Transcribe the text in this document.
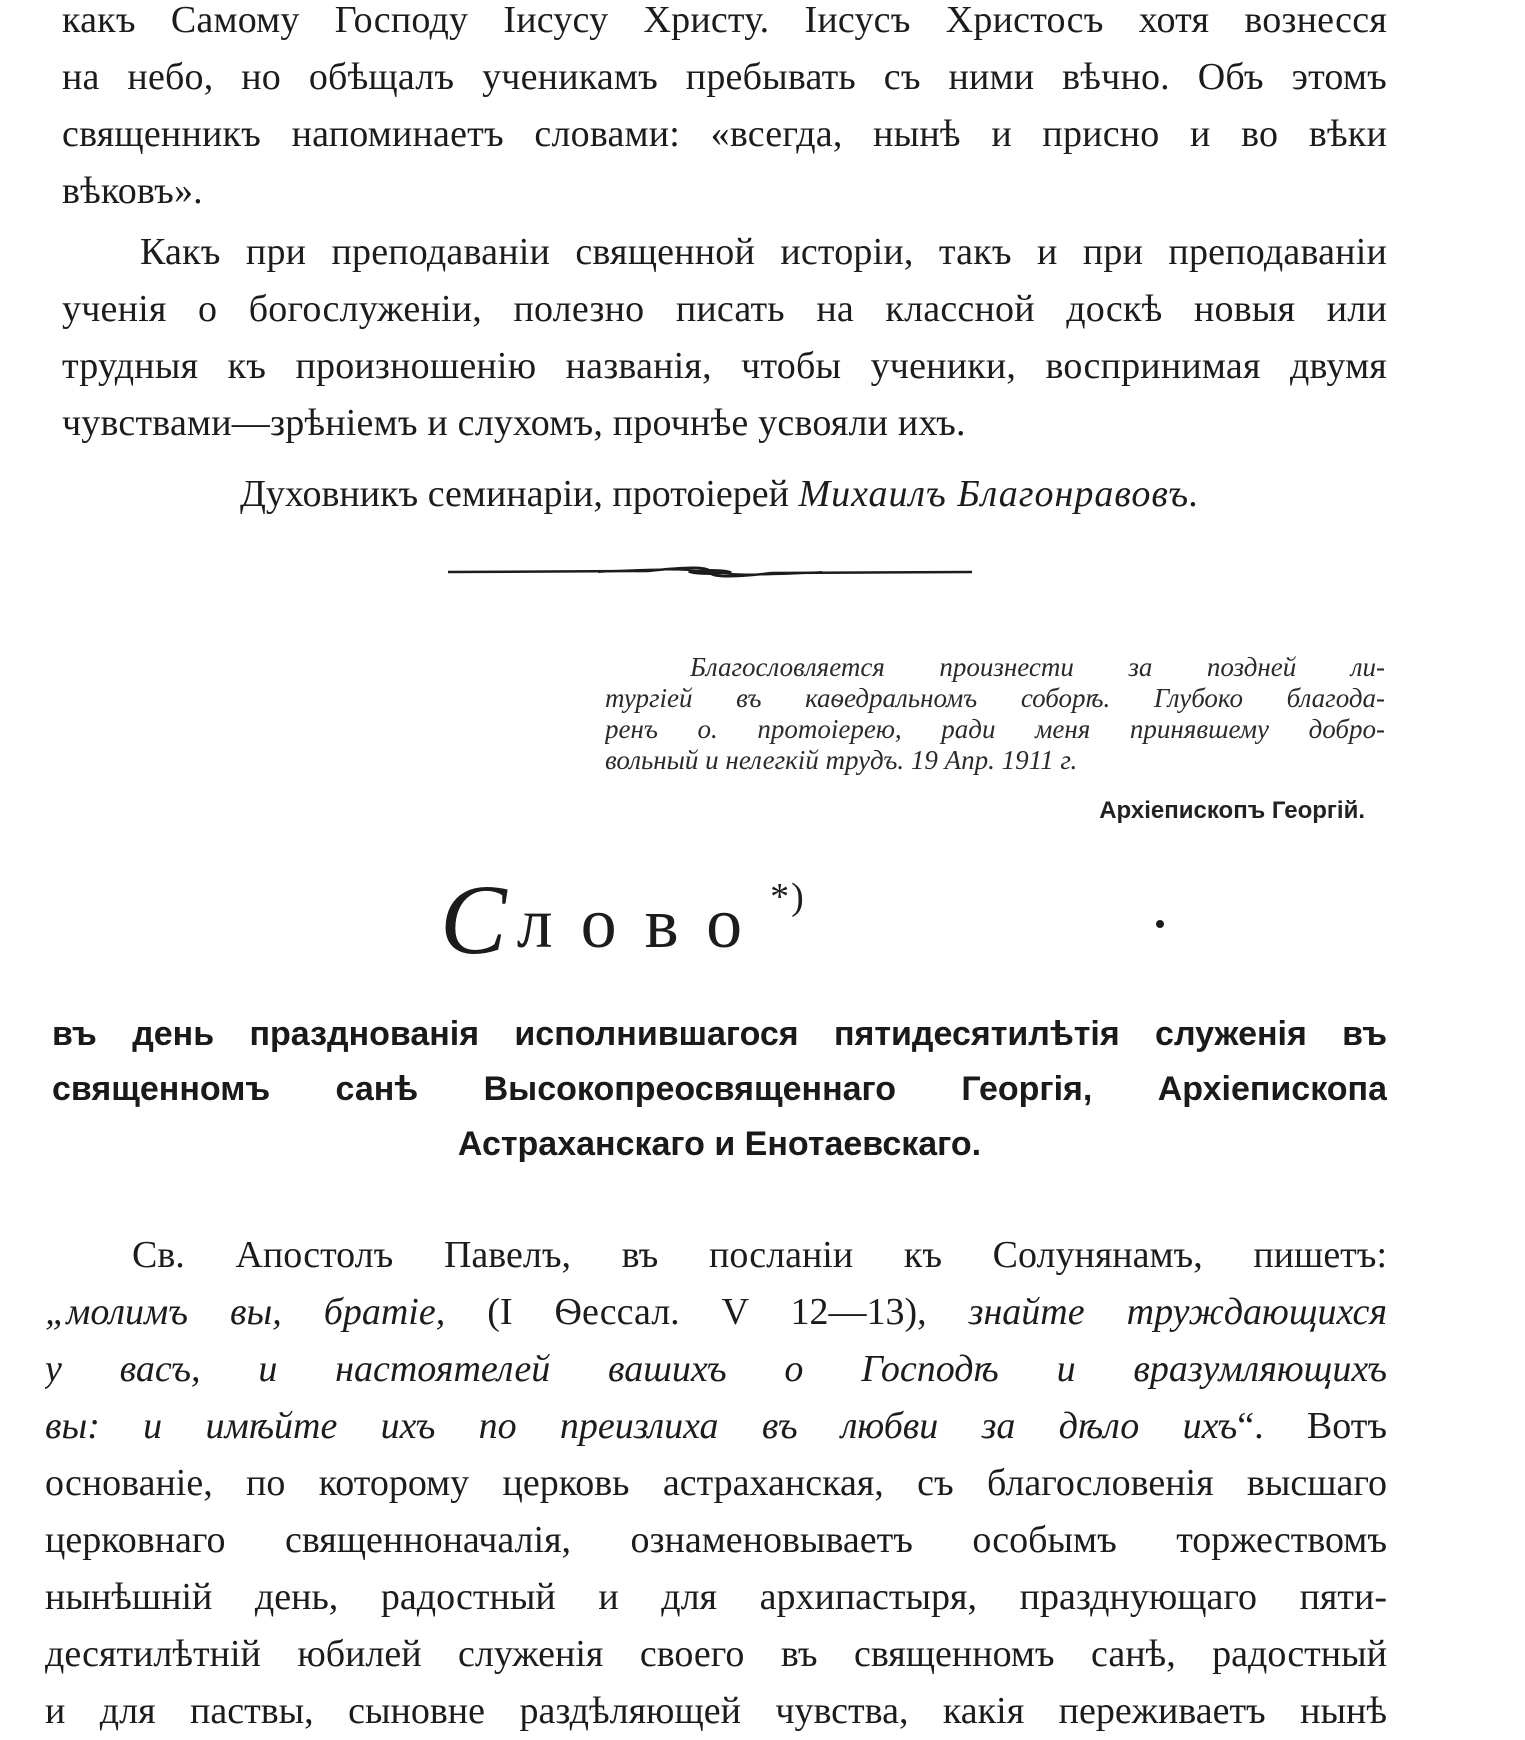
какъ Самому Господу Іисусу Христу. Іисусъ Христосъ хотя вознесся
на небо, но обѣщалъ ученикамъ пребывать съ ними вѣчно. Объ этомъ
священникъ напоминаетъ словами: «всегда, нынѣ и присно и во вѣки
вѣковъ».
Какъ при преподаваніи священной исторіи, такъ и при преподаваніи
ученія о богослуженіи, полезно писать на классной доскѣ новыя или
трудныя къ произношенію названія, чтобы ученики, воспринимая двумя
чувствами—зрѣніемъ и слухомъ, прочнѣе усвояли ихъ.
Духовникъ семинаріи, протоіерей Михаилъ Благонравовъ.
Благословляется произнести за поздней ли-
тургіей въ каѳедральномъ соборѣ. Глубоко благода-
ренъ о. протоіерею, ради меня принявшему добро-
вольный и нелегкій трудъ. 19 Апр. 1911 г.
Архіепископъ Георгій.
Слово*)
въ день празднованія исполнившагося пятидесятилѣтія служенія въ
священномъ санѣ Высокопреосвященнаго Георгія, Архіепископа
Астраханскаго и Енотаевскаго.
Св. Апостолъ Павелъ, въ посланіи къ Солунянамъ, пишетъ:
„молимъ вы, братіе, (I Ѳессал. V 12—13), знайте труждающихся
у васъ, и настоятелей вашихъ о Господѣ и вразумляющихъ
вы: и имѣйте ихъ по преизлиха въ любви за дѣло ихъ“. Вотъ
основаніе, по которому церковь астраханская, съ благословенія высшаго
церковнаго священноначалія, ознаменовываетъ особымъ торжествомъ
нынѣшній день, радостный и для архипастыря, празднующаго пяти-
десятилѣтній юбилей служенія своего въ священномъ санѣ, радостный
и для паствы, сыновне раздѣляющей чувства, какія переживаетъ нынѣ
